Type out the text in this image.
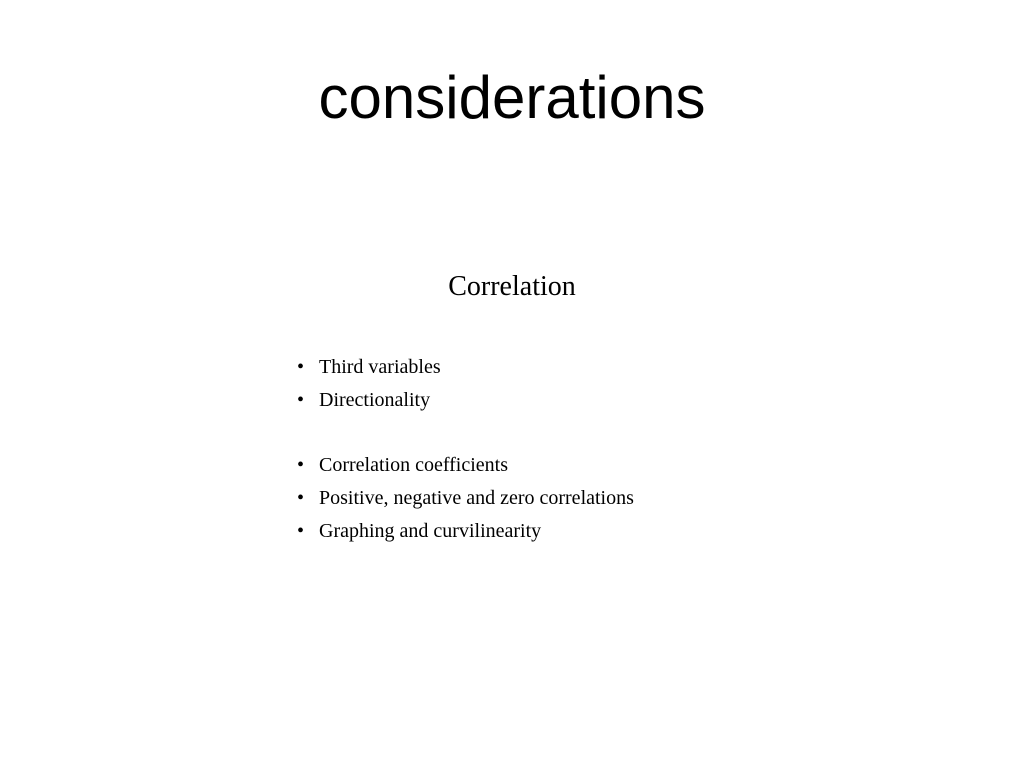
considerations
Correlation
• Third variables
• Directionality
• Correlation coefficients
• Positive, negative and zero correlations
• Graphing and curvilinearity
